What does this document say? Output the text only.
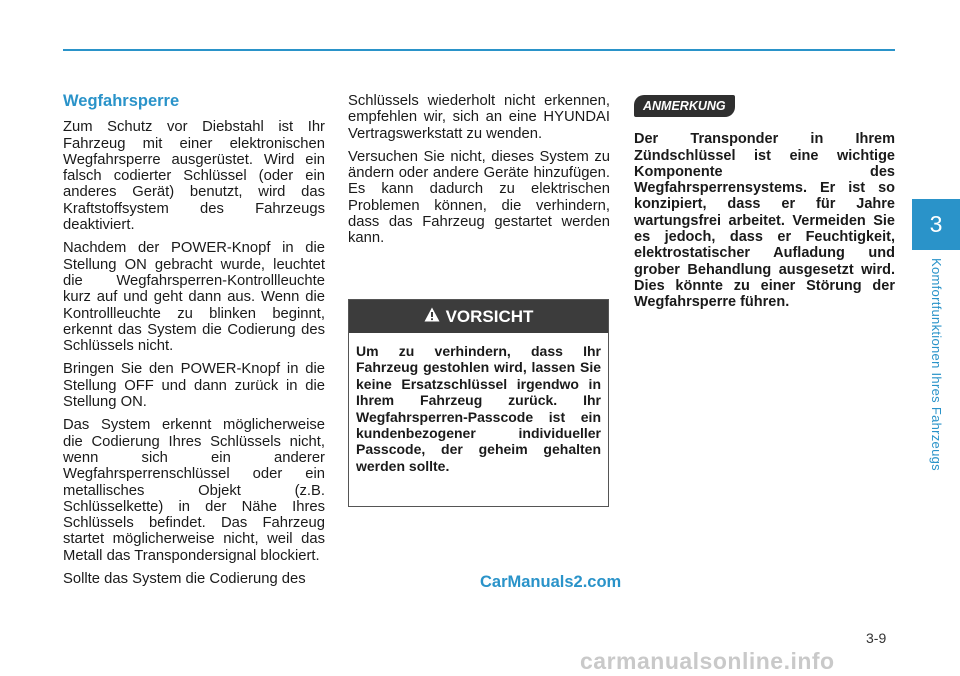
Wegfahrsperre

Zum Schutz vor Diebstahl ist Ihr Fahrzeug mit einer elektronischen Wegfahrsperre ausgerüstet. Wird ein falsch codierter Schlüssel (oder ein anderes Gerät) benutzt, wird das Kraftstoffsystem des Fahrzeugs deaktiviert.

Nachdem der POWER-Knopf in die Stellung ON gebracht wurde, leuchtet die Wegfahrsperren-Kontrollleuchte kurz auf und geht dann aus. Wenn die Kontrollleuchte zu blinken beginnt, erkennt das System die Codierung des Schlüssels nicht.

Bringen Sie den POWER-Knopf in die Stellung OFF und dann zurück in die Stellung ON.

Das System erkennt möglicherweise die Codierung Ihres Schlüssels nicht, wenn sich ein anderer Wegfahrsperrenschlüssel oder ein metallisches Objekt (z.B. Schlüsselkette) in der Nähe Ihres Schlüssels befindet. Das Fahrzeug startet möglicherweise nicht, weil das Metall das Transpondersignal blockiert.

Sollte das System die Codierung des

Schlüssels wiederholt nicht erkennen, empfehlen wir, sich an eine HYUNDAI Vertragswerkstatt zu wenden.

Versuchen Sie nicht, dieses System zu ändern oder andere Geräte hinzufügen. Es kann dadurch zu elektrischen Problemen können, die verhindern, dass das Fahrzeug gestartet werden kann.

VORSICHT
Um zu verhindern, dass Ihr Fahrzeug gestohlen wird, lassen Sie keine Ersatzschlüssel irgendwo in Ihrem Fahrzeug zurück. Ihr Wegfahrsperren-Passcode ist ein kundenbezogener individueller Passcode, der geheim gehalten werden sollte.
ANMERKUNG

Der Transponder in Ihrem Zündschlüssel ist eine wichtige Komponente des Wegfahrsperrensystems. Er ist so konzipiert, dass er für Jahre wartungsfrei arbeitet. Vermeiden Sie es jedoch, dass er Feuchtigkeit, elektrostatischer Aufladung und grober Behandlung ausgesetzt wird. Dies könnte zu einer Störung der Wegfahrsperre führen.

3
Komfortfunktionen Ihres Fahrzeugs
CarManuals2.com
3-9
carmanualsonline.info
